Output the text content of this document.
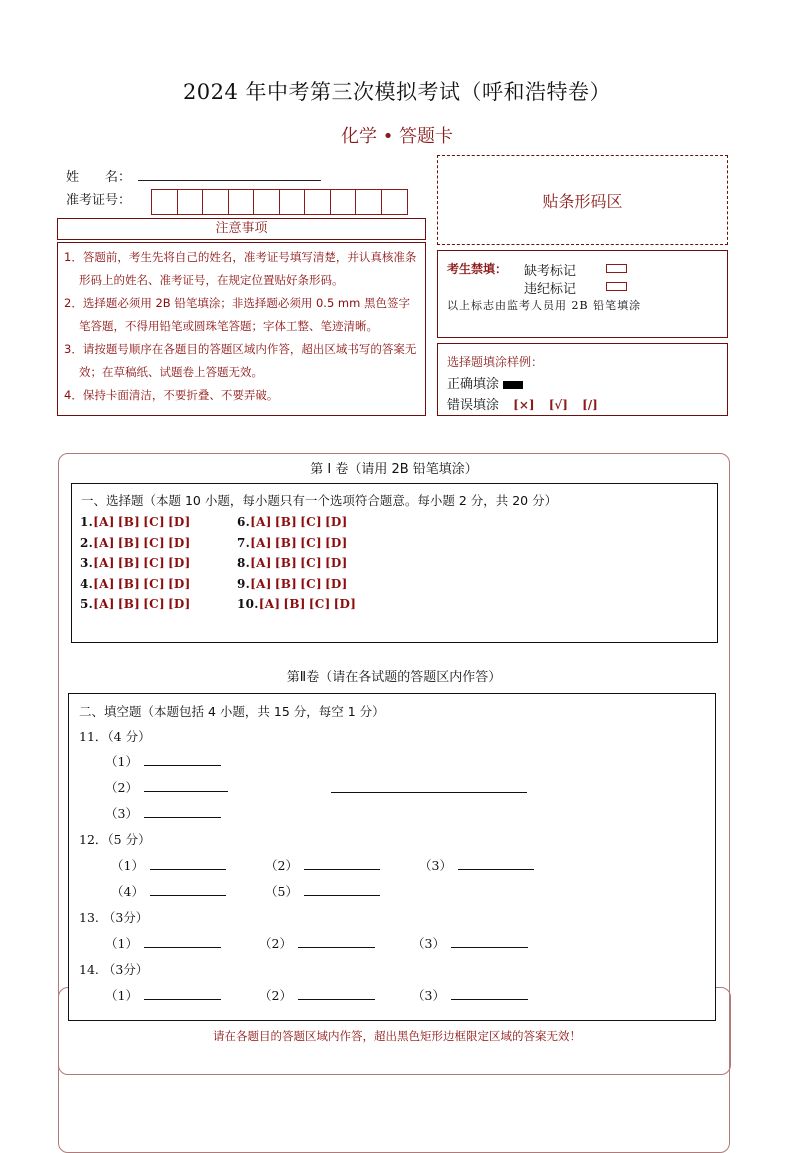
2024 年中考第三次模拟考试（呼和浩特卷）
化学 • 答题卡
姓　　名：
准考证号：
注意事项
1．答题前，考生先将自己的姓名，准考证号填写清楚，并认真核准条形码上的姓名、准考证号，在规定位置贴好条形码。
2．选择题必须用 2B 铅笔填涂；非选择题必须用 0.5 mm 黑色签字笔答题，不得用铅笔或圆珠笔答题；字体工整、笔迹清晰。
3．请按题号顺序在各题目的答题区域内作答，超出区域书写的答案无效；在草稿纸、试题卷上答题无效。
4．保持卡面清洁，不要折叠、不要弄破。
贴条形码区
考生禁填： 缺考标记
违纪标记
以上标志由监考人员用 2B 铅笔填涂
选择题填涂样例：
正确填涂
错误填涂 [×] [√] [/]
第 I 卷（请用 2B 铅笔填涂）
一、选择题（本题 10 小题，每小题只有一个选项符合题意。每小题 2 分，共 20 分）
1.[A] [B] [C] [D]
2.[A] [B] [C] [D]
3.[A] [B] [C] [D]
4.[A] [B] [C] [D]
5.[A] [B] [C] [D]
6.[A] [B] [C] [D]
7.[A] [B] [C] [D]
8.[A] [B] [C] [D]
9.[A] [B] [C] [D]
10.[A] [B] [C] [D]
第Ⅱ卷（请在各试题的答题区内作答）
二、填空题（本题包括 4 小题，共 15 分，每空 1 分）
11．（4 分）
（1）
（2）
（3）
12．（5 分）
（1）	（2）	（3）
（4）	（5）
13. （3分）
（1）	（2）	（3）
14. （3分）
（1）	（2）	（3）
请在各题目的答题区域内作答，超出黑色矩形边框限定区域的答案无效！
